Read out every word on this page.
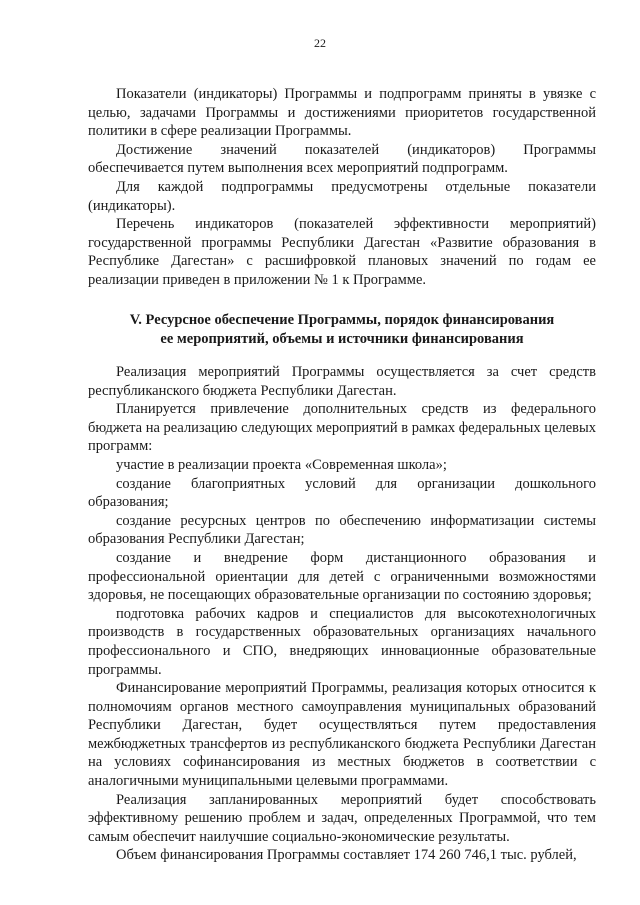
22

Показатели (индикаторы) Программы и подпрограмм приняты в увязке с целью, задачами Программы и достижениями приоритетов государственной политики в сфере реализации Программы.

Достижение значений показателей (индикаторов) Программы обеспечивается путем выполнения всех мероприятий подпрограмм.

Для каждой подпрограммы предусмотрены отдельные показатели (индикаторы).

Перечень индикаторов (показателей эффективности мероприятий) государственной программы Республики Дагестан «Развитие образования в Республике Дагестан» с расшифровкой плановых значений по годам ее реализации приведен в приложении № 1 к Программе.

V. Ресурсное обеспечение Программы, порядок финансирования
ее мероприятий, объемы и источники финансирования

Реализация мероприятий Программы осуществляется за счет средств республиканского бюджета Республики Дагестан.

Планируется привлечение дополнительных средств из федерального бюджета на реализацию следующих мероприятий в рамках федеральных целевых программ:

участие в реализации проекта «Современная школа»;

создание благоприятных условий для организации дошкольного образования;

создание ресурсных центров по обеспечению информатизации системы образования Республики Дагестан;

создание и внедрение форм дистанционного образования и профессиональной ориентации для детей с ограниченными возможностями здоровья, не посещающих образовательные организации по состоянию здоровья;

подготовка рабочих кадров и специалистов для высокотехнологичных производств в государственных образовательных организациях начального профессионального и СПО, внедряющих инновационные образовательные программы.

Финансирование мероприятий Программы, реализация которых относится к полномочиям органов местного самоуправления муниципальных образований Республики Дагестан, будет осуществляться путем предоставления межбюджетных трансфертов из республиканского бюджета Республики Дагестан на условиях софинансирования из местных бюджетов в соответствии с аналогичными муниципальными целевыми программами.

Реализация запланированных мероприятий будет способствовать эффективному решению проблем и задач, определенных Программой, что тем самым обеспечит наилучшие социально-экономические результаты.

Объем финансирования Программы составляет 174 260 746,1 тыс. рублей,
